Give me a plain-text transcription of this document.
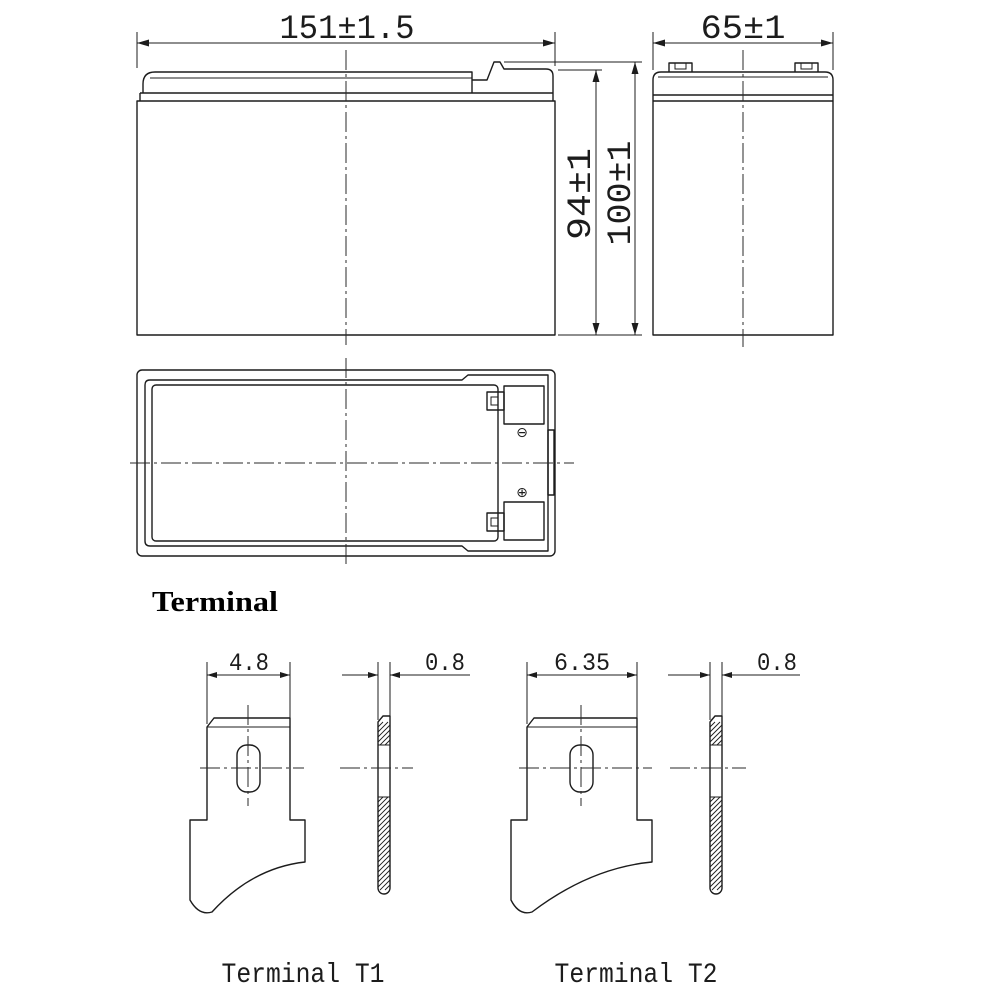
151±1.5
94±1 100±1
65±1
⊖
⊕
Terminal
4.8	0.8
Terminal T1
6.35	0.8
Terminal T2
